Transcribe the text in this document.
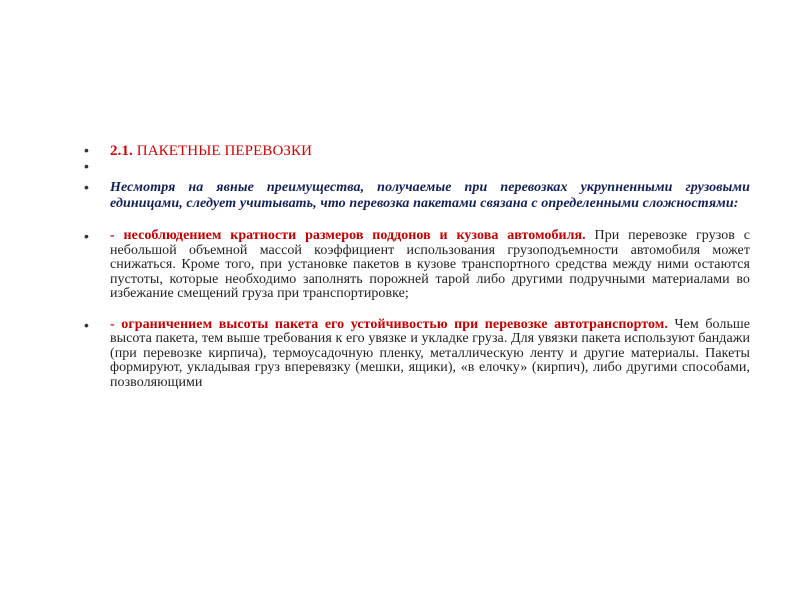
• 2.1. ПАКЕТНЫЕ ПЕРЕВОЗКИ
•
• Несмотря на явные преимущества, получаемые при перевозках укрупненными грузовыми единицами, следует учитывать, что перевозка пакетами связана с определенными сложностями:
• - несоблюдением кратности размеров поддонов и кузова автомобиля. При перевозке грузов с небольшой объемной массой коэффициент использования грузоподъемности автомобиля может снижаться. Кроме того, при установке пакетов в кузове транспортного средства между ними остаются пустоты, которые необходимо заполнять порожней тарой либо другими подручными материалами во избежание смещений груза при транспортировке;
• - ограничением высоты пакета его устойчивостью при перевозке автотранспортом. Чем больше высота пакета, тем выше требования к его увязке и укладке груза. Для увязки пакета используют бандажи (при перевозке кирпича), термоусадочную пленку, металлическую ленту и другие материалы. Пакеты формируют, укладывая груз вперевязку (мешки, ящики), «в елочку» (кирпич), либо другими способами, позволяющими
